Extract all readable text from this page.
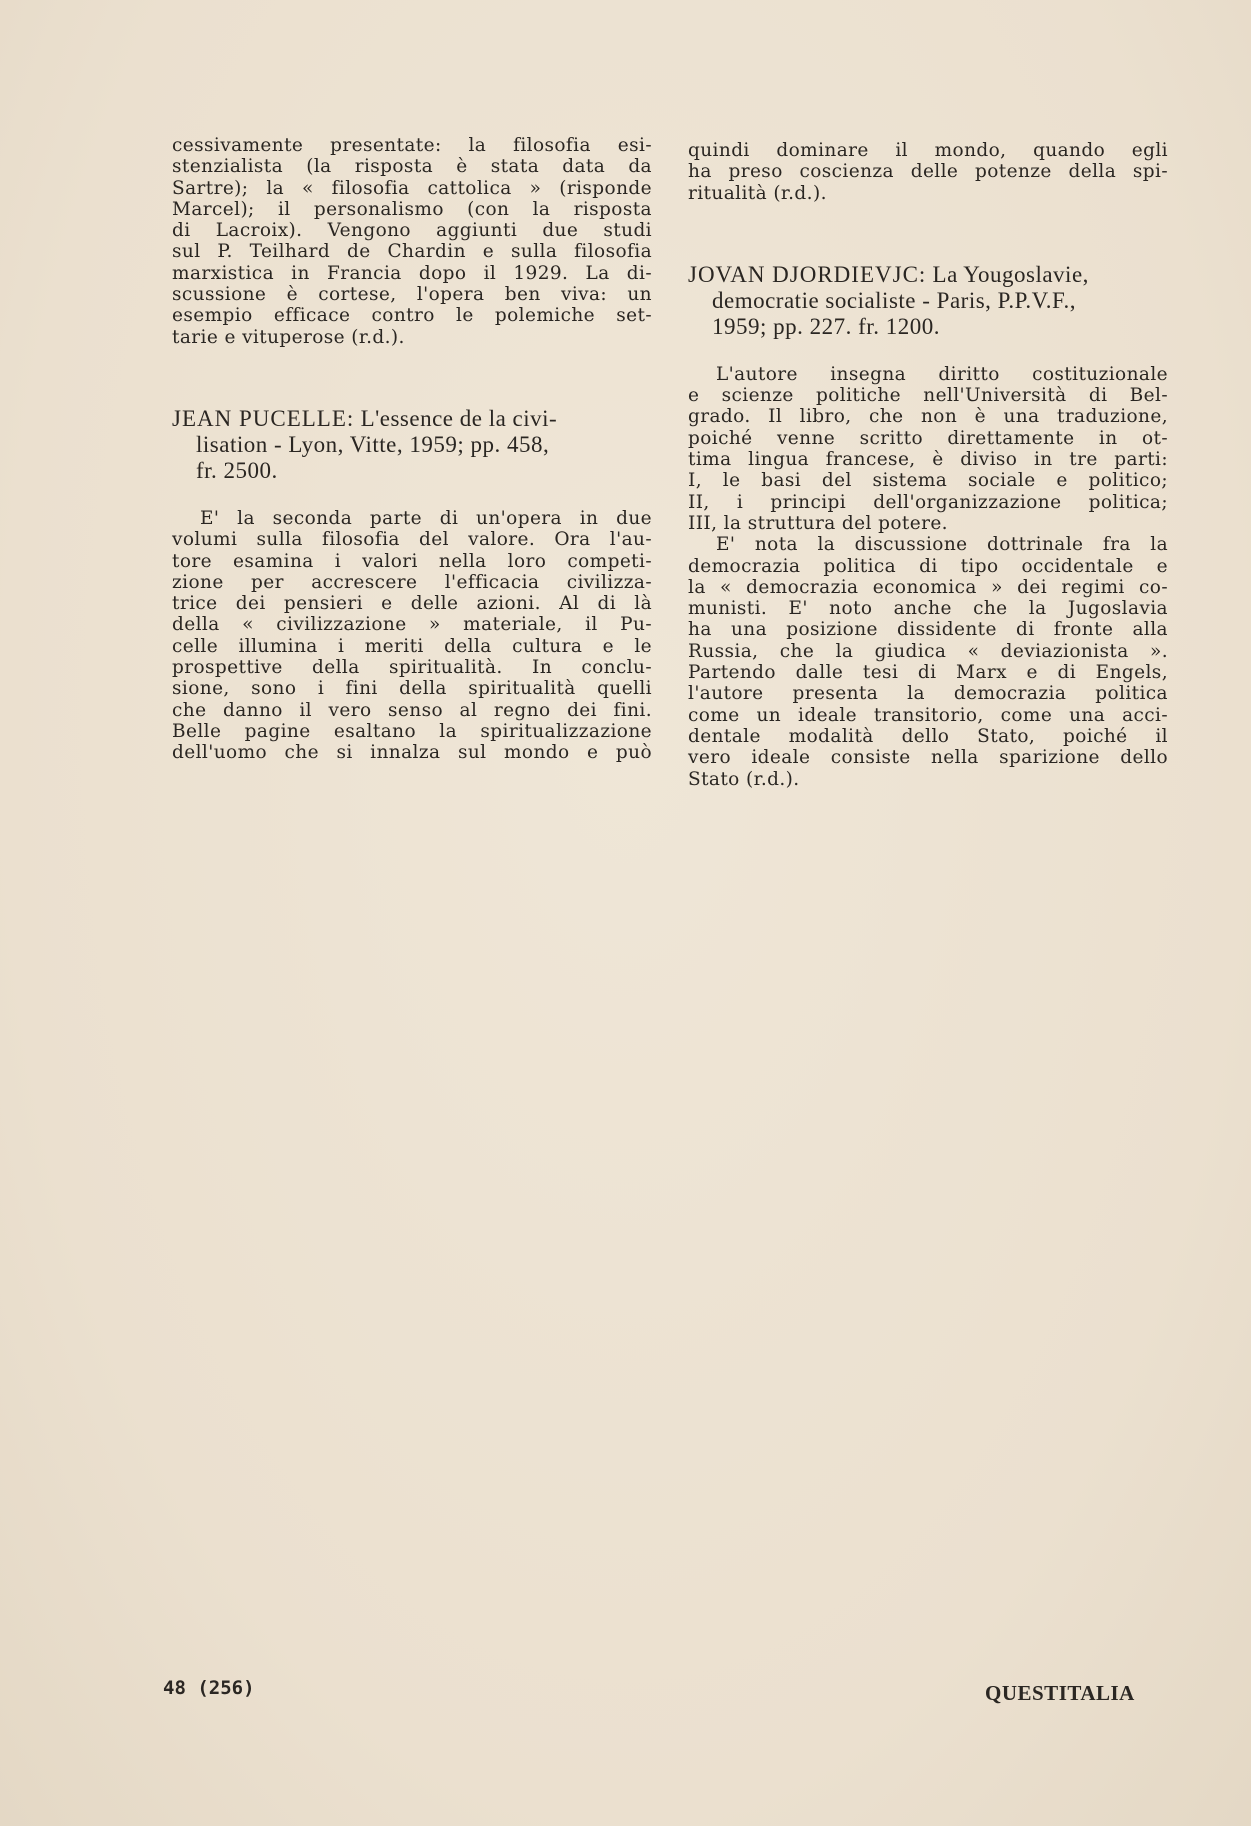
cessivamente presentate: la filosofia esi-
stenzialista (la risposta è stata data da
Sartre); la « filosofia cattolica » (risponde
Marcel); il personalismo (con la risposta
di Lacroix). Vengono aggiunti due studi
sul P. Teilhard de Chardin e sulla filosofia
marxistica in Francia dopo il 1929. La di-
scussione è cortese, l'opera ben viva: un
esempio efficace contro le polemiche set-
tarie e vituperose (r.d.).
JEAN PUCELLE: L'essence de la civi-
lisation - Lyon, Vitte, 1959; pp. 458,
fr. 2500.
E' la seconda parte di un'opera in due
volumi sulla filosofia del valore. Ora l'au-
tore esamina i valori nella loro competi-
zione per accrescere l'efficacia civilizza-
trice dei pensieri e delle azioni. Al di là
della « civilizzazione » materiale, il Pu-
celle illumina i meriti della cultura e le
prospettive della spiritualità. In conclu-
sione, sono i fini della spiritualità quelli
che danno il vero senso al regno dei fini.
Belle pagine esaltano la spiritualizzazione
dell'uomo che si innalza sul mondo e può
quindi dominare il mondo, quando egli
ha preso coscienza delle potenze della spi-
ritualità (r.d.).
JOVAN DJORDIEVJC: La Yougoslavie,
democratie socialiste - Paris, P.P.V.F.,
1959; pp. 227. fr. 1200.
L'autore insegna diritto costituzionale
e scienze politiche nell'Università di Bel-
grado. Il libro, che non è una traduzione,
poiché venne scritto direttamente in ot-
tima lingua francese, è diviso in tre parti:
I, le basi del sistema sociale e politico;
II, i principi dell'organizzazione politica;
III, la struttura del potere.
E' nota la discussione dottrinale fra la
democrazia politica di tipo occidentale e
la « democrazia economica » dei regimi co-
munisti. E' noto anche che la Jugoslavia
ha una posizione dissidente di fronte alla
Russia, che la giudica « deviazionista ».
Partendo dalle tesi di Marx e di Engels,
l'autore presenta la democrazia politica
come un ideale transitorio, come una acci-
dentale modalità dello Stato, poiché il
vero ideale consiste nella sparizione dello
Stato (r.d.).
48 (256)	QUESTITALIA
